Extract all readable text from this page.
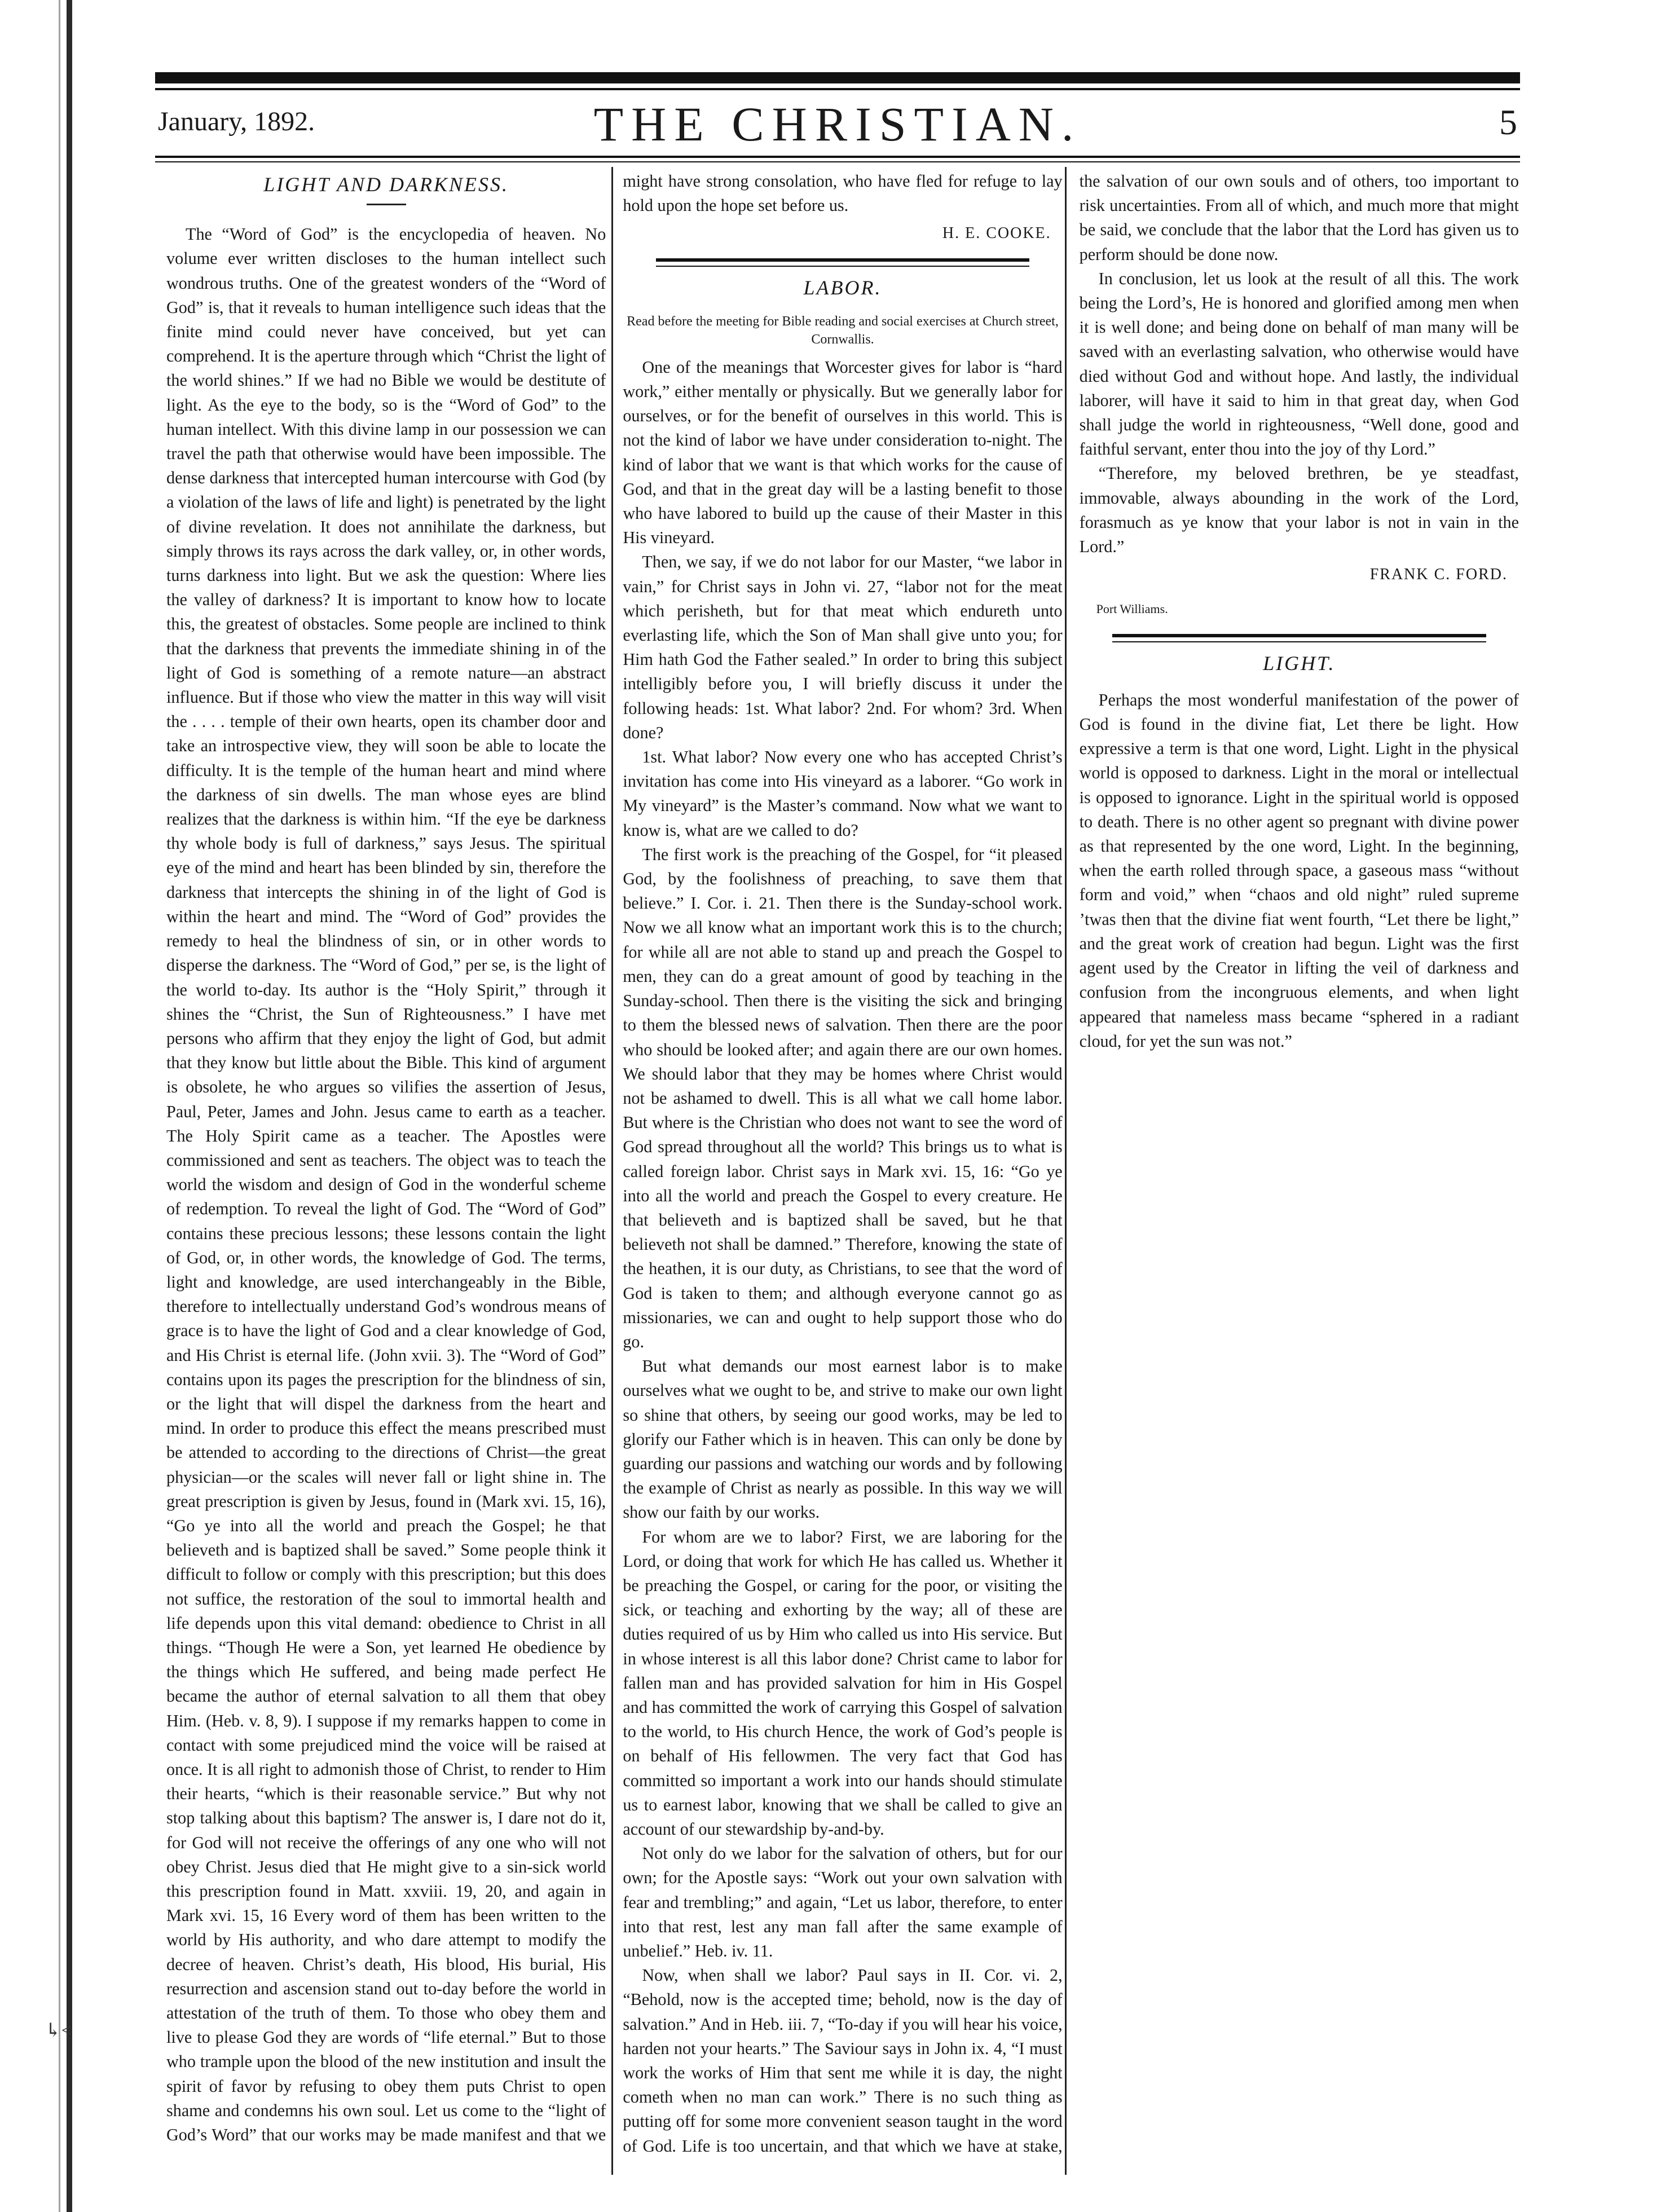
January, 1892.	THE CHRISTIAN.	5
LIGHT AND DARKNESS.

The “Word of God” is the encyclopedia of heaven. No volume ever written discloses to the human intellect such wondrous truths. One of the greatest wonders of the “Word of God” is, that it reveals to human intelligence such ideas that the finite mind could never have conceived, but yet can comprehend. It is the aperture through which “Christ the light of the world shines.” If we had no Bible we would be destitute of light. As the eye to the body, so is the “Word of God” to the human intellect. With this divine lamp in our possession we can travel the path that otherwise would have been impossible. The dense darkness that intercepted human intercourse with God (by a violation of the laws of life and light) is penetrated by the light of divine revelation. It does not annihilate the darkness, but simply throws its rays across the dark valley, or, in other words, turns darkness into light. But we ask the question: Where lies the valley of darkness? It is important to know how to locate this, the greatest of obstacles. Some people are inclined to think that the darkness that prevents the immediate shining in of the light of God is something of a remote nature—an abstract influence. But if those who view the matter in this way will visit the . . . . temple of their own hearts, open its chamber door and take an introspective view, they will soon be able to locate the difficulty. It is the temple of the human heart and mind where the darkness of sin dwells. The man whose eyes are blind realizes that the darkness is within him. “If the eye be darkness thy whole body is full of darkness,” says Jesus. The spiritual eye of the mind and heart has been blinded by sin, therefore the darkness that intercepts the shining in of the light of God is within the heart and mind. The “Word of God” provides the remedy to heal the blindness of sin, or in other words to disperse the darkness. The “Word of God,” per se, is the light of the world to-day. Its author is the “Holy Spirit,” through it shines the “Christ, the Sun of Righteousness.” I have met persons who affirm that they enjoy the light of God, but admit that they know but little about the Bible. This kind of argument is obsolete, he who argues so vilifies the assertion of Jesus, Paul, Peter, James and John. Jesus came to earth as a teacher. The Holy Spirit came as a teacher. The Apostles were commissioned and sent as teachers. The object was to teach the world the wisdom and design of God in the wonderful scheme of redemption. To reveal the light of God. The “Word of God” contains these precious lessons; these lessons contain the light of God, or, in other words, the knowledge of God. The terms, light and knowledge, are used interchangeably in the Bible, therefore to intellectually understand God’s wondrous means of grace is to have the light of God and a clear knowledge of God, and His Christ is eternal life. (John xvii. 3). The “Word of God” contains upon its pages the prescription for the blindness of sin, or the light that will dispel the darkness from the heart and mind. In order to produce this effect the means prescribed must be attended to according to the directions of Christ—the great physician—or the scales will never fall or light shine in. The great prescription is given by Jesus, found in (Mark xvi. 15, 16), “Go ye into all the world and preach the Gospel; he that believeth and is baptized shall be saved.” Some people think it difficult to follow or comply with this prescription; but this does not suffice, the restoration of the soul to immortal health and life depends upon this vital demand: obedience to Christ in all things. “Though He were a Son, yet learned He obedience by the things which He suffered, and being made perfect He became the author of eternal salvation to all them that obey Him. (Heb. v. 8, 9). I suppose if my remarks happen to come in contact with some prejudiced mind the voice will be raised at once. It is all right to admonish those of Christ, to render to Him their hearts, “which is their reasonable service.” But why not stop talking about this baptism? The answer is, I dare not do it, for God will not receive the offerings of any one who will not obey Christ. Jesus died that He might give to a sin-sick world this prescription found in Matt. xxviii. 19, 20, and again in Mark xvi. 15, 16 Every word of them has been written to the world by His authority, and who dare attempt to modify the decree of heaven. Christ’s death, His blood, His burial, His resurrection and ascension stand out to-day before the world in attestation of the truth of them. To those who obey them and live to please God they are words of “life eternal.” But to those who trample upon the blood of the new institution and insult the spirit of favor by refusing to obey them puts Christ to open shame and condemns his own soul. Let us come to the “light of God’s Word” that our works may be made manifest and that we might have strong consolation, who have fled for refuge to lay hold upon the hope set before us.

H. E. COOKE.
LABOR.
Read before the meeting for Bible reading and social exercises at Church street, Cornwallis.

One of the meanings that Worcester gives for labor is “hard work,” either mentally or physically. But we generally labor for ourselves, or for the benefit of ourselves in this world. This is not the kind of labor we have under consideration to-night. The kind of labor that we want is that which works for the cause of God, and that in the great day will be a lasting benefit to those who have labored to build up the cause of their Master in this His vineyard.

Then, we say, if we do not labor for our Master, “we labor in vain,” for Christ says in John vi. 27, “labor not for the meat which perisheth, but for that meat which endureth unto everlasting life, which the Son of Man shall give unto you; for Him hath God the Father sealed.” In order to bring this subject intelligibly before you, I will briefly discuss it under the following heads: 1st. What labor? 2nd. For whom? 3rd. When done?

1st. What labor? Now every one who has accepted Christ’s invitation has come into His vineyard as a laborer. “Go work in My vineyard” is the Master’s command. Now what we want to know is, what are we called to do?

The first work is the preaching of the Gospel, for “it pleased God, by the foolishness of preaching, to save them that believe.” I. Cor. i. 21. Then there is the Sunday-school work. Now we all know what an important work this is to the church; for while all are not able to stand up and preach the Gospel to men, they can do a great amount of good by teaching in the Sunday-school. Then there is the visiting the sick and bringing to them the blessed news of salvation. Then there are the poor who should be looked after; and again there are our own homes. We should labor that they may be homes where Christ would not be ashamed to dwell. This is all what we call home labor. But where is the Christian who does not want to see the word of God spread throughout all the world? This brings us to what is called foreign labor. Christ says in Mark xvi. 15, 16: “Go ye into all the world and preach the Gospel to every creature. He that believeth and is baptized shall be saved, but he that believeth not shall be damned.” Therefore, knowing the state of the heathen, it is our duty, as Christians, to see that the word of God is taken to them; and although everyone cannot go as missionaries, we can and ought to help support those who do go.

But what demands our most earnest labor is to make ourselves what we ought to be, and strive to make our own light so shine that others, by seeing our good works, may be led to glorify our Father which is in heaven. This can only be done by guarding our passions and watching our words and by following the example of Christ as nearly as possible. In this way we will show our faith by our works.

For whom are we to labor? First, we are laboring for the Lord, or doing that work for which He has called us. Whether it be preaching the Gospel, or caring for the poor, or visiting the sick, or teaching and exhorting by the way; all of these are duties required of us by Him who called us into His service. But in whose interest is all this labor done? Christ came to labor for fallen man and has provided salvation for him in His Gospel and has committed the work of carrying this Gospel of salvation to the world, to His church Hence, the work of God’s people is on behalf of His fellowmen. The very fact that God has committed so important a work into our hands should stimulate us to earnest labor, knowing that we shall be called to give an account of our stewardship by-and-by.

Not only do we labor for the salvation of others, but for our own; for the Apostle says: “Work out your own salvation with fear and trembling;” and again, “Let us labor, therefore, to enter into that rest, lest any man fall after the same example of unbelief.” Heb. iv. 11.

Now, when shall we labor? Paul says in II. Cor. vi. 2, “Behold, now is the accepted time; behold, now is the day of salvation.” And in Heb. iii. 7, “To-day if you will hear his voice, harden not your hearts.” The Saviour says in John ix. 4, “I must work the works of Him that sent me while it is day, the night cometh when no man can work.” There is no such thing as putting off for some more convenient season taught in the word of God. Life is too uncertain, and that which we have at stake, the salvation of our own souls and of others, too important to risk uncertainties. From all of which, and much more that might be said, we conclude that the labor that the Lord has given us to perform should be done now.

In conclusion, let us look at the result of all this. The work being the Lord’s, He is honored and glorified among men when it is well done; and being done on behalf of man many will be saved with an everlasting salvation, who otherwise would have died without God and without hope. And lastly, the individual laborer, will have it said to him in that great day, when God shall judge the world in righteousness, “Well done, good and faithful servant, enter thou into the joy of thy Lord.”

“Therefore, my beloved brethren, be ye steadfast, immovable, always abounding in the work of the Lord, forasmuch as ye know that your labor is not in vain in the Lord.”

FRANK C. FORD.
Port Williams.
LIGHT.

Perhaps the most wonderful manifestation of the power of God is found in the divine fiat, Let there be light. How expressive a term is that one word, Light. Light in the physical world is opposed to darkness. Light in the moral or intellectual is opposed to ignorance. Light in the spiritual world is opposed to death. There is no other agent so pregnant with divine power as that represented by the one word, Light. In the beginning, when the earth rolled through space, a gaseous mass “without form and void,” when “chaos and old night” ruled supreme ’twas then that the divine fiat went fourth, “Let there be light,” and the great work of creation had begun. Light was the first agent used by the Creator in lifting the veil of darkness and confusion from the incongruous elements, and when light appeared that nameless mass became “sphered in a radiant cloud, for yet the sun was not.”

↳<
